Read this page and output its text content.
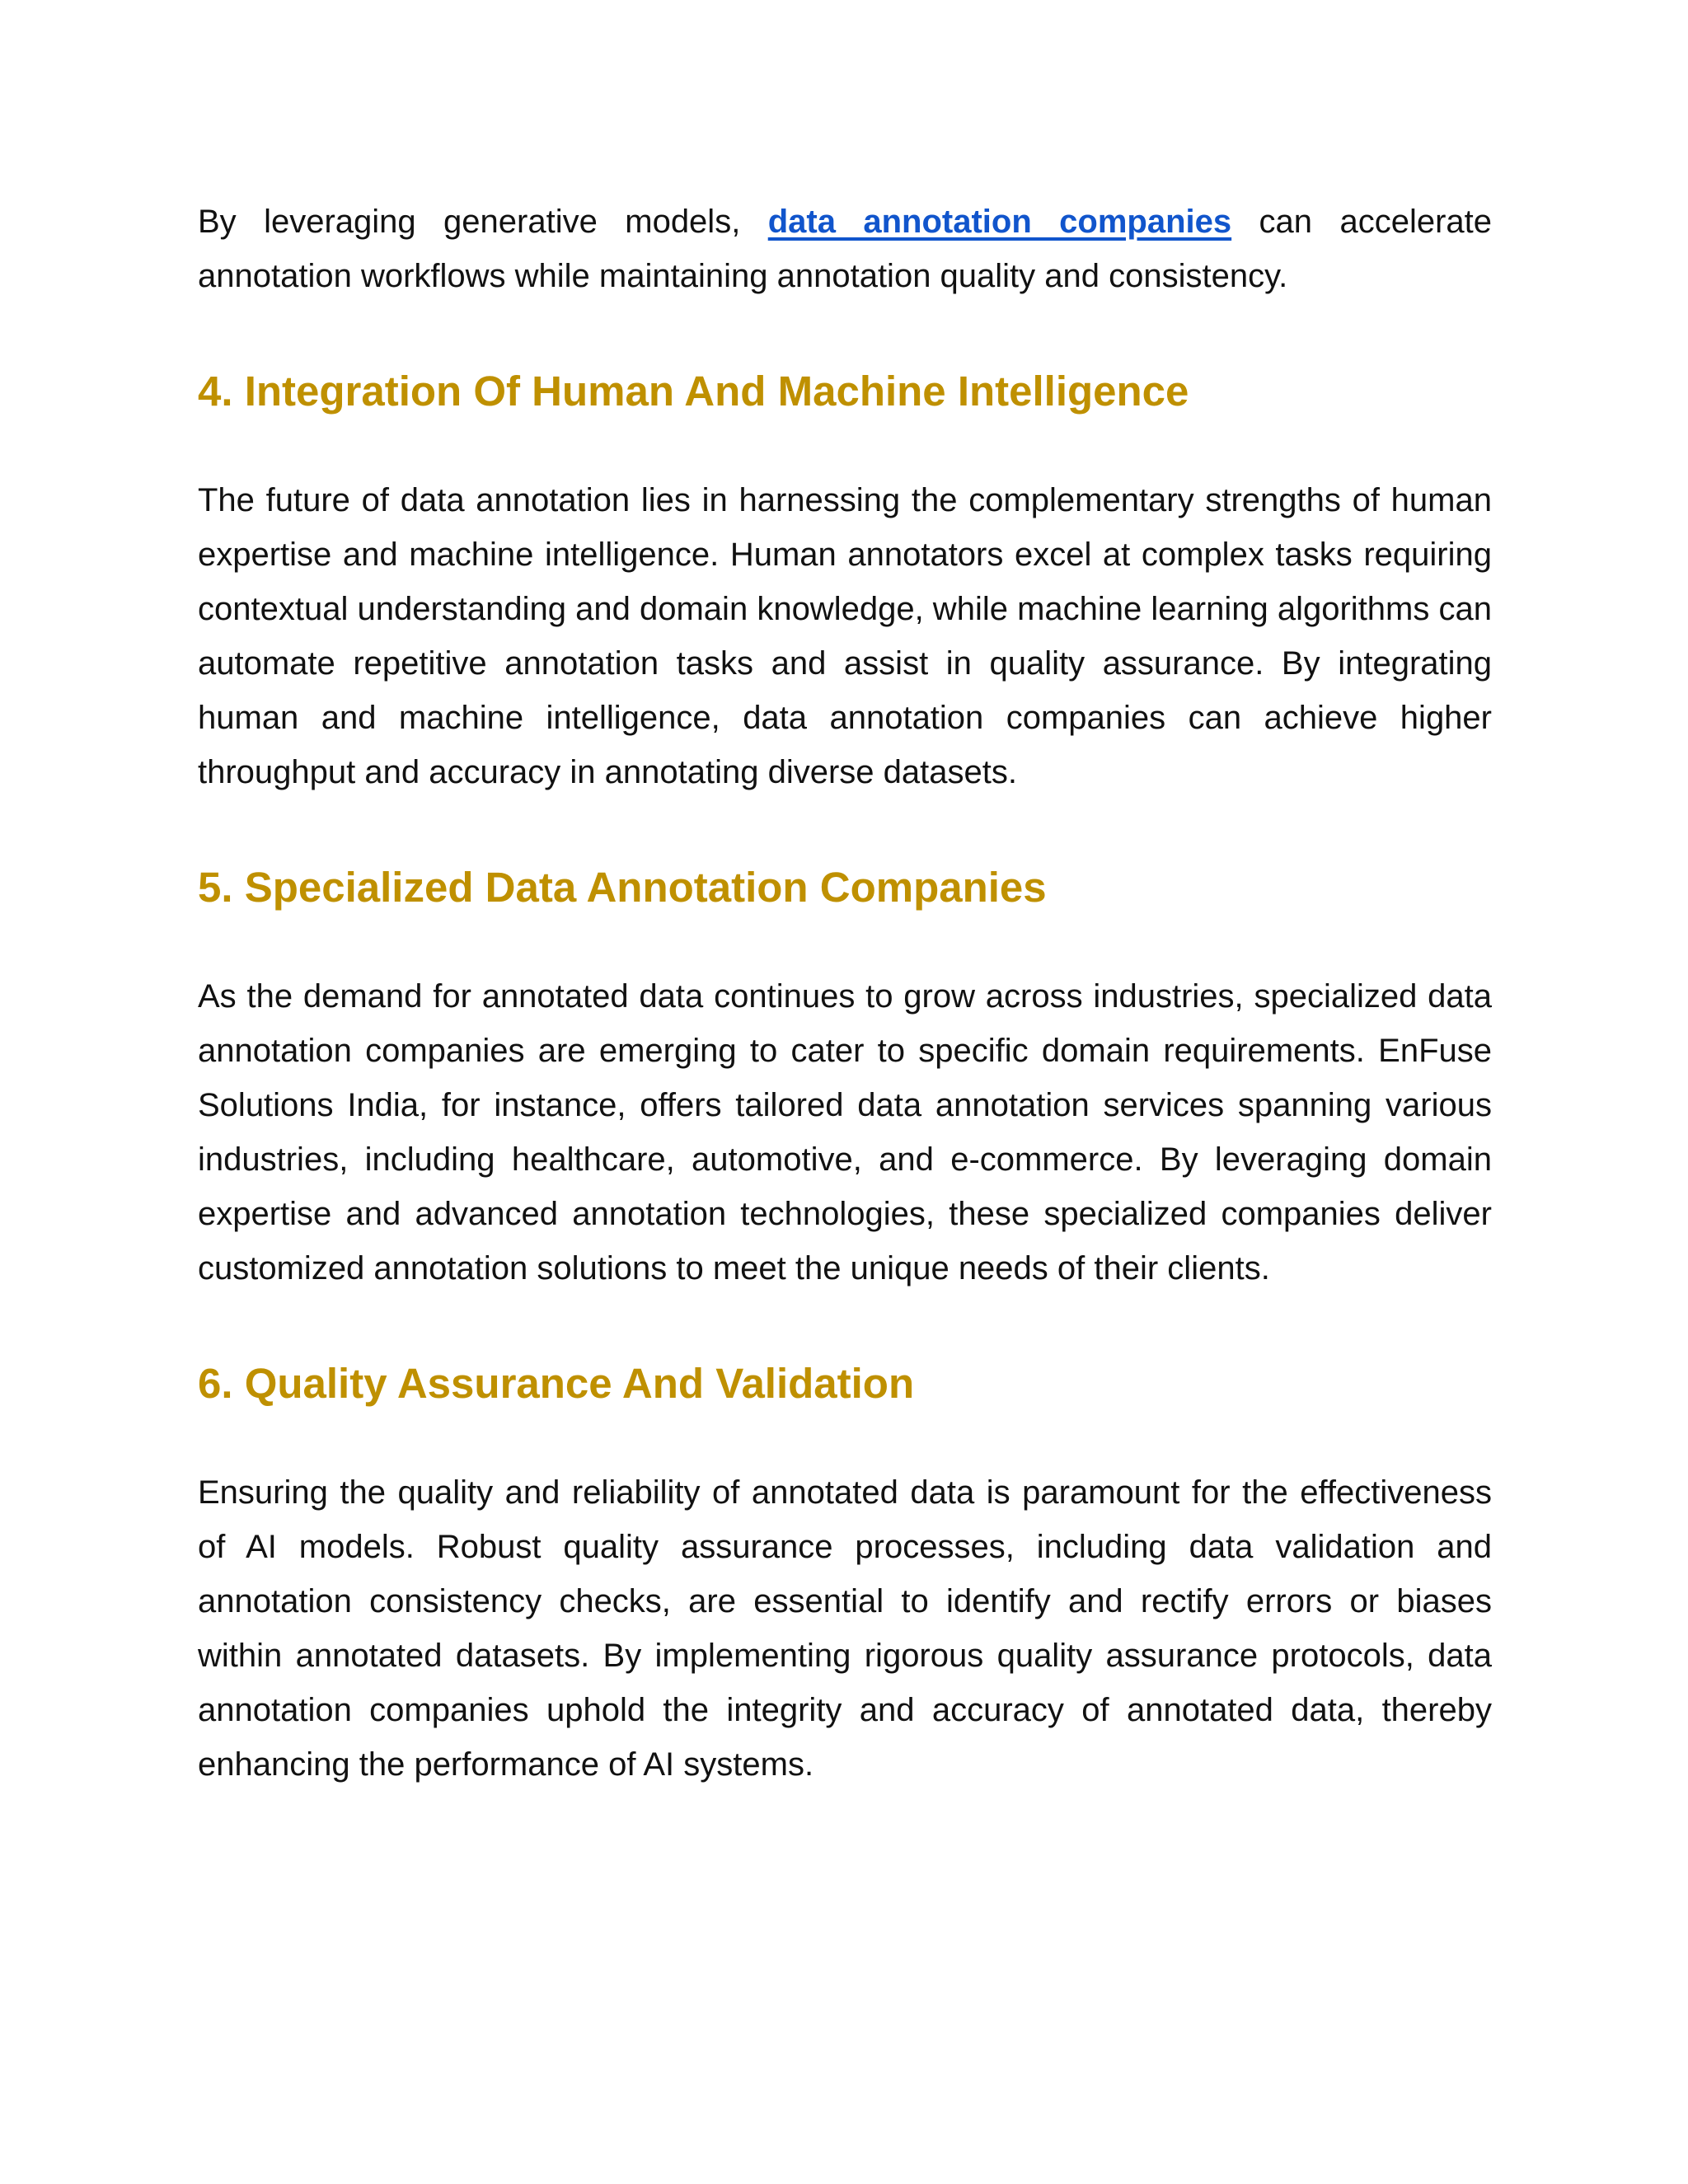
By leveraging generative models, data annotation companies can accelerate annotation workflows while maintaining annotation quality and consistency.

4. Integration Of Human And Machine Intelligence

The future of data annotation lies in harnessing the complementary strengths of human expertise and machine intelligence. Human annotators excel at complex tasks requiring contextual understanding and domain knowledge, while machine learning algorithms can automate repetitive annotation tasks and assist in quality assurance. By integrating human and machine intelligence, data annotation companies can achieve higher throughput and accuracy in annotating diverse datasets.

5. Specialized Data Annotation Companies

As the demand for annotated data continues to grow across industries, specialized data annotation companies are emerging to cater to specific domain requirements. EnFuse Solutions India, for instance, offers tailored data annotation services spanning various industries, including healthcare, automotive, and e-commerce. By leveraging domain expertise and advanced annotation technologies, these specialized companies deliver customized annotation solutions to meet the unique needs of their clients.

6. Quality Assurance And Validation

Ensuring the quality and reliability of annotated data is paramount for the effectiveness of AI models. Robust quality assurance processes, including data validation and annotation consistency checks, are essential to identify and rectify errors or biases within annotated datasets. By implementing rigorous quality assurance protocols, data annotation companies uphold the integrity and accuracy of annotated data, thereby enhancing the performance of AI systems.
